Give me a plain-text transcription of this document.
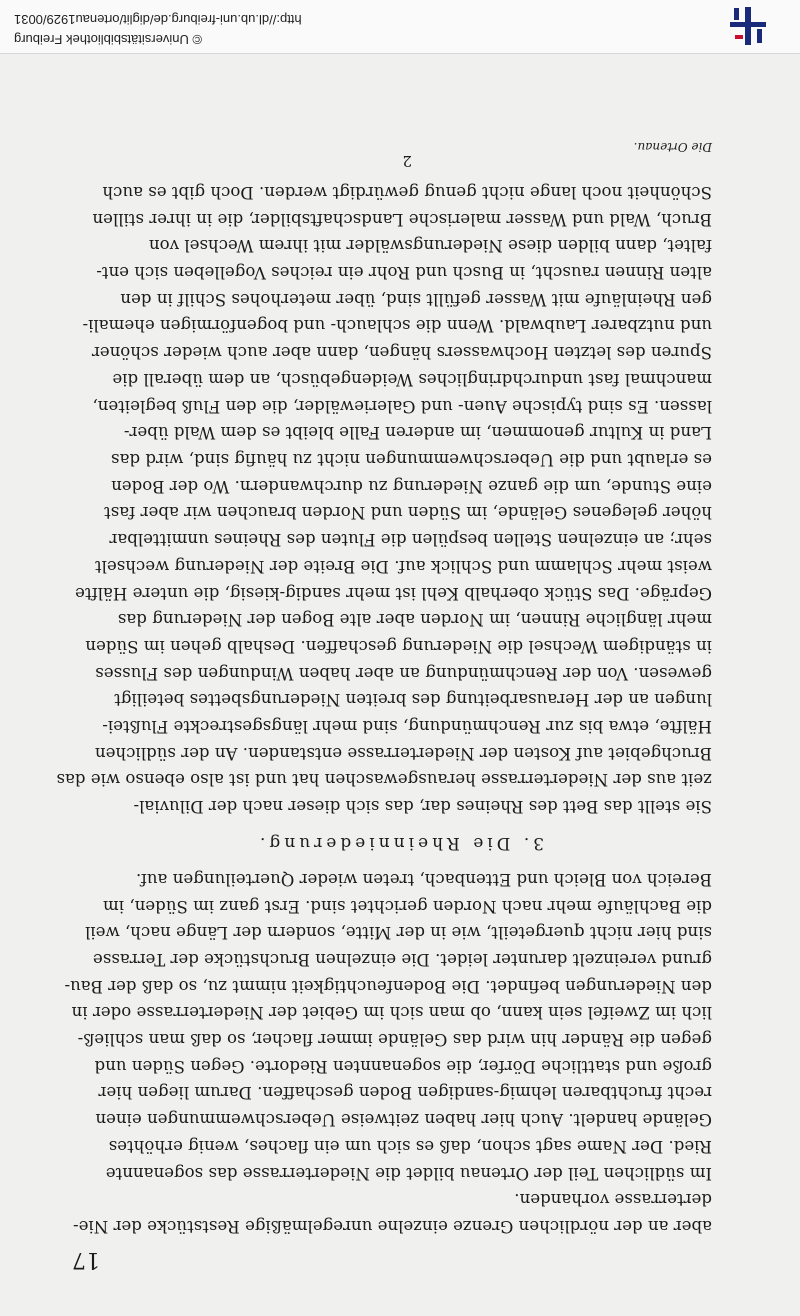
17

aber an der nördlichen Grenze einzelne unregelmäßige Reststücke der Nie-
derterrasse vorhanden.

Im südlichen Teil der Ortenau bildet die Niederterrasse das sogenannte
Ried. Der Name sagt schon, daß es sich um ein flaches, wenig erhöhtes
Gelände handelt. Auch hier haben zeitweise Ueberschwemmungen einen
recht fruchtbaren lehmig-sandigen Boden geschaffen. Darum liegen hier
große und stattliche Dörfer, die sogenannten Riedorte. Gegen Süden und
gegen die Ränder hin wird das Gelände immer flacher, so daß man schließ-
lich im Zweifel sein kann, ob man sich im Gebiet der Niederterrasse oder in
den Niederungen befindet. Die Bodenfeuchtigkeit nimmt zu, so daß der Bau-
grund vereinzelt darunter leidet. Die einzelnen Bruchstücke der Terrasse
sind hier nicht quergeteilt, wie in der Mitte, sondern der Länge nach, weil
die Bachläufe mehr nach Norden gerichtet sind. Erst ganz im Süden, im
Bereich von Bleich und Ettenbach, treten wieder Querteilungen auf.

3. Die Rheinniederung.

Sie stellt das Bett des Rheines dar, das sich dieser nach der Diluvial-
zeit aus der Niederterrasse herausgewaschen hat und ist also ebenso wie das
Bruchgebiet auf Kosten der Niederterrasse entstanden. An der südlichen
Hälfte, etwa bis zur Renchmündung, sind mehr längsgestreckte Flußtei-
lungen an der Herausarbeitung des breiten Niederungsbettes beteiligt
gewesen. Von der Renchmündung an aber haben Windungen des Flusses
in ständigem Wechsel die Niederung geschaffen. Deshalb gehen im Süden
mehr längliche Rinnen, im Norden aber alte Bogen der Niederung das
Gepräge. Das Stück oberhalb Kehl ist mehr sandig-kiesig, die untere Hälfte
weist mehr Schlamm und Schlick auf. Die Breite der Niederung wechselt
sehr; an einzelnen Stellen bespülen die Fluten des Rheines unmittelbar
höher gelegenes Gelände, im Süden und Norden brauchen wir aber fast
eine Stunde, um die ganze Niederung zu durchwandern. Wo der Boden
es erlaubt und die Ueberschwemmungen nicht zu häufig sind, wird das
Land in Kultur genommen, im anderen Falle bleibt es dem Wald über-
lassen. Es sind typische Auen- und Galeriewälder, die den Fluß begleiten,
manchmal fast undurchdringliches Weidengebüsch, an dem überall die
Spuren des letzten Hochwassers hängen, dann aber auch wieder schöner
und nutzbarer Laubwald. Wenn die schlauch- und bogenförmigen ehemali-
gen Rheinläufe mit Wasser gefüllt sind, über meterhohes Schilf in den
alten Rinnen rauscht, in Busch und Rohr ein reiches Vogelleben sich ent-
faltet, dann bilden diese Niederungswälder mit ihrem Wechsel von
Bruch, Wald und Wasser malerische Landschaftsbilder, die in ihrer stillen
Schönheit noch lange nicht genug gewürdigt werden. Doch gibt es auch

2
Die Ortenau.
© Universitätsbibliothek Freiburg
http://dl.ub.uni-freiburg.de/diglit/ortenau1929/0031
